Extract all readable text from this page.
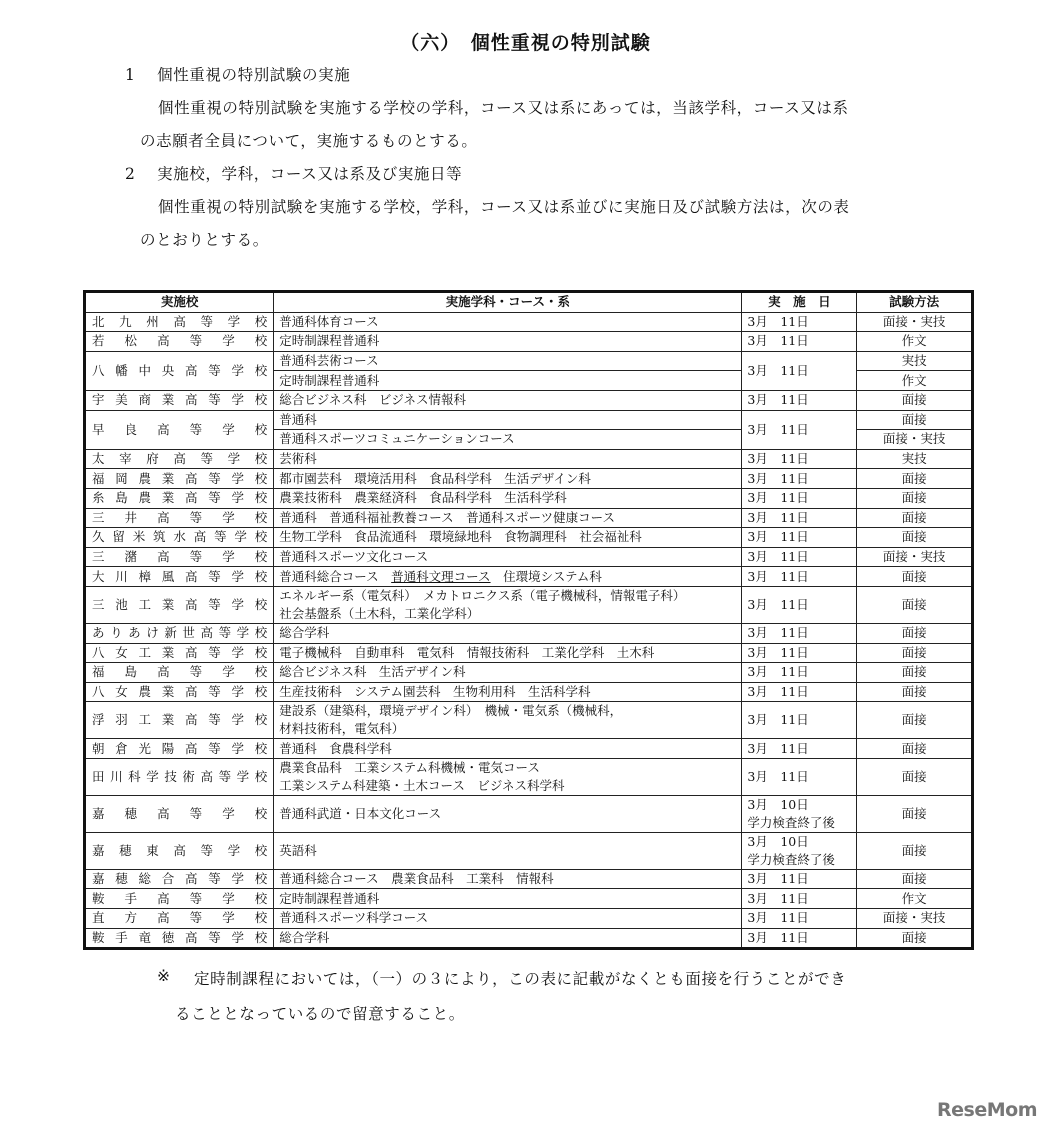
（六）　個性重視の特別試験
1　 個性重視の特別試験の実施
個性重視の特別試験を実施する学校の学科，コース又は系にあっては，当該学科，コース又は系
の志願者全員について，実施するものとする。
2　 実施校，学科，コース又は系及び実施日等
個性重視の特別試験を実施する学校，学科，コース又は系並びに実施日及び試験方法は，次の表
のとおりとする。
実施校	実施学科・コース・系	実　施　日	試験方法
北九州高等学校	普通科体育コース	3月　11日	面接・実技
若松高等学校	定時制課程普通科	3月　11日	作文
八幡中央高等学校	普通科芸術コース	3月　11日	実技

	定時制課程普通科		作文
宇美商業高等学校	総合ビジネス科　ビジネス情報科	3月　11日	面接
早良高等学校	普通科	3月　11日	面接

	普通科スポーツコミュニケーションコース		面接・実技
太宰府高等学校	芸術科	3月　11日	実技
福岡農業高等学校	都市園芸科　環境活用科　食品科学科　生活デザイン科	3月　11日	面接
糸島農業高等学校	農業技術科　農業経済科　食品科学科　生活科学科	3月　11日	面接
三井高等学校	普通科　普通科福祉教養コース　普通科スポーツ健康コース	3月　11日	面接
久留米筑水高等学校	生物工学科　食品流通科　環境緑地科　食物調理科　社会福祉科	3月　11日	面接
三潴高等学校	普通科スポーツ文化コース	3月　11日	面接・実技
大川樟風高等学校	普通科総合コース　普通科文理コース　住環境システム科	3月　11日	面接
三池工業高等学校	エネルギー系（電気科）　メカトロニクス系（電子機械科，情報電子科）
社会基盤系（土木科，工業化学科）	3月　11日	面接
ありあけ新世高等学校	総合学科	3月　11日	面接
八女工業高等学校	電子機械科　自動車科　電気科　情報技術科　工業化学科　土木科	3月　11日	面接
福島高等学校	総合ビジネス科　生活デザイン科	3月　11日	面接
八女農業高等学校	生産技術科　システム園芸科　生物利用科　生活科学科	3月　11日	面接
浮羽工業高等学校	建設系（建築科，環境デザイン科）　機械・電気系（機械科，
材料技術科，電気科）	3月　11日	面接
朝倉光陽高等学校	普通科　食農科学科	3月　11日	面接
田川科学技術高等学校	農業食品科　工業システム科機械・電気コース
工業システム科建築・土木コース　ビジネス科学科	3月　11日	面接
嘉穂高等学校	普通科武道・日本文化コース	3月　10日
学力検査終了後	面接
嘉穂東高等学校	英語科	3月　10日
学力検査終了後	面接
嘉穂総合高等学校	普通科総合コース　農業食品科　工業科　情報科	3月　11日	面接
鞍手高等学校	定時制課程普通科	3月　11日	作文
直方高等学校	普通科スポーツ科学コース	3月　11日	面接・実技
鞍手竜徳高等学校	総合学科	3月　11日	面接
※ 定時制課程においては，（一）の３により，この表に記載がなくとも面接を行うことができ
ることとなっているので留意すること。
ReseMom
